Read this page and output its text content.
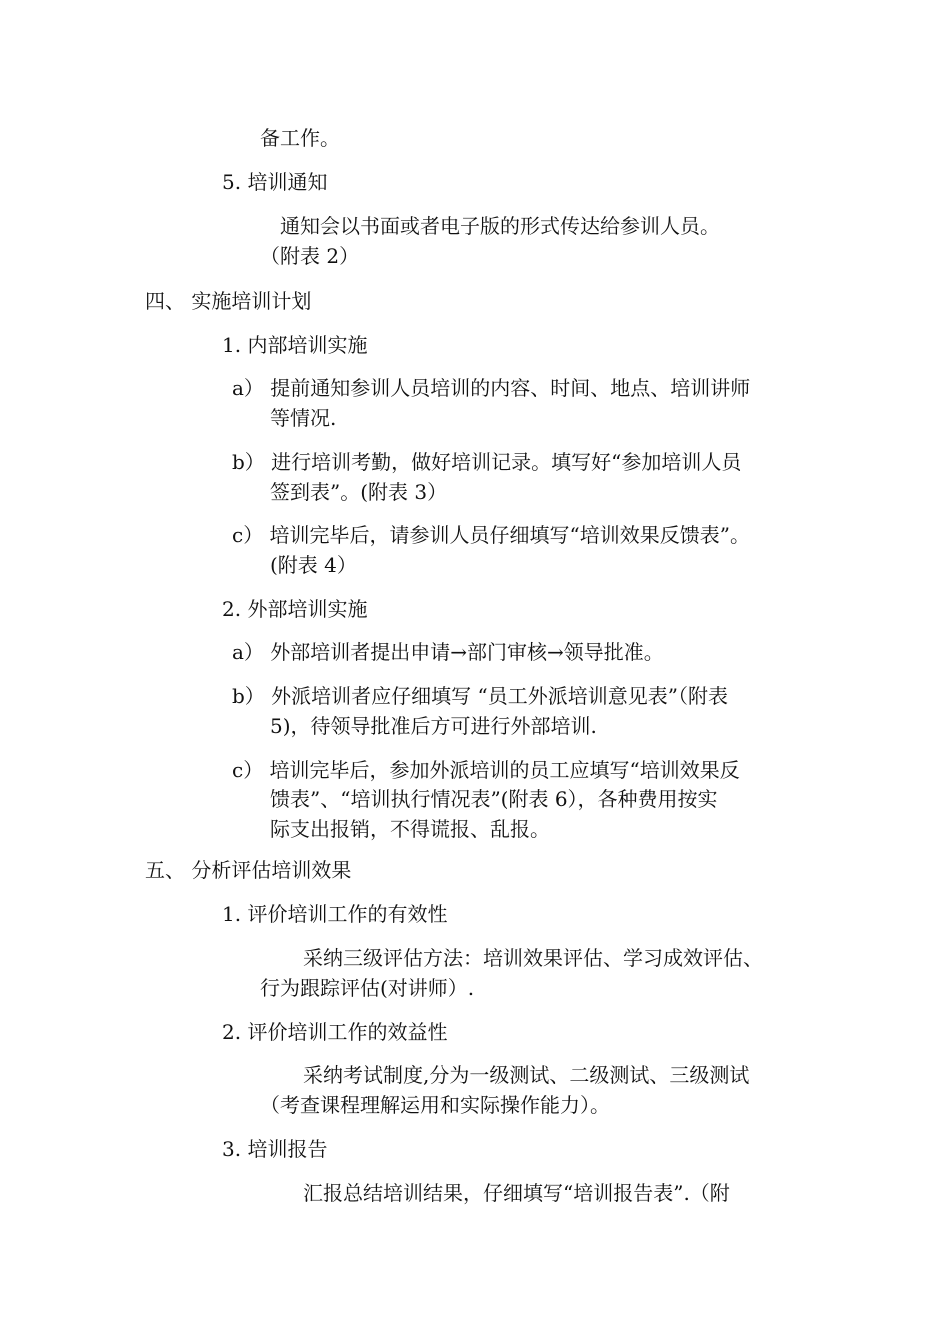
备工作。
5. 培训通知
通知会以书面或者电子版的形式传达给参训人员。
（附表 2）
四、 实施培训计划
1. 内部培训实施
a） 提前通知参训人员培训的内容、时间、地点、培训讲师
等情况.
b） 进行培训考勤，做好培训记录。填写好“参加培训人员
签到表”。(附表 3）
c） 培训完毕后，请参训人员仔细填写“培训效果反馈表”。
(附表 4）
2. 外部培训实施
a） 外部培训者提出申请→部门审核→领导批准。
b） 外派培训者应仔细填写 “员工外派培训意见表”（附表
5)，待领导批准后方可进行外部培训.
c） 培训完毕后，参加外派培训的员工应填写“培训效果反
馈表”、“培训执行情况表”(附表 6），各种费用按实
际支出报销，不得谎报、乱报。
五、 分析评估培训效果
1. 评价培训工作的有效性
采纳三级评估方法：培训效果评估、学习成效评估、
行为跟踪评估(对讲师）.
2. 评价培训工作的效益性
采纳考试制度,分为一级测试、二级测试、三级测试
（考查课程理解运用和实际操作能力）。
3. 培训报告
汇报总结培训结果，仔细填写“培训报告表”.（附
